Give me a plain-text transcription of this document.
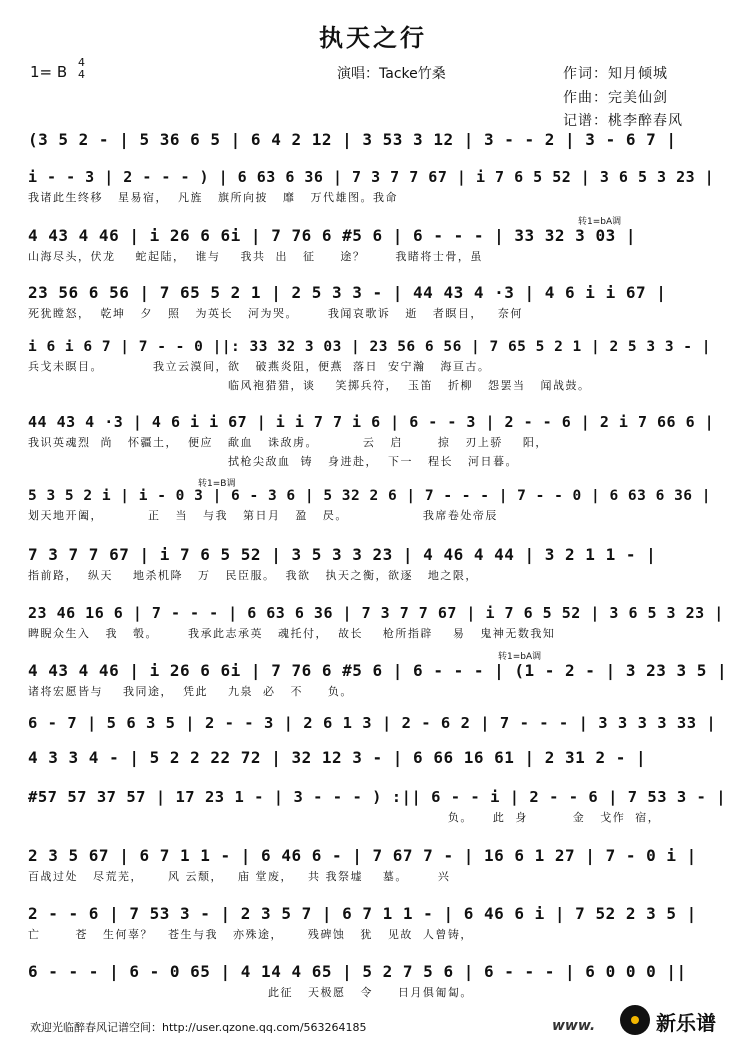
执天之行
1= B
4
4	演唱：Tacke竹桑	作词：知月倾城
作曲：完美仙剑
记谱：桃李醉春风
(3 5 2 - | 5 36 6 5 | 6 4 2 12 | 3 53 3 12 | 3 - - 2 | 3 - 6 7 |
i - - 3 | 2 - - - ) | 6 63 6 36 | 7 3 7 7 67 | i 7 6 5 52 | 3 6 5 3 23 |
我诸此生终移   星易宿，  凡旌   旗所向披   靡   万代雄图。我命
4 43 4 46 | i 26 6 6i | 7 76 6 #5 6 | 6 - - - | 33 32 3 03 |
山海尽头，伏龙    蛇起陆，  谁与    我共  出   征     途？      我睹将士骨，虽
转1=bA调
23 56 6 56 | 7 65 5 2 1 | 2 5 3 3 - | 44 43 4 ·3 | 4 6 i i 67 |
死犹瞠怒，  乾坤   夕   照   为英长   河为哭。      我闻哀歌诉   逝   者瞑目，   奈何
i 6 i 6 7 | 7 - - 0 ||: 33 32 3 03 | 23 56 6 56 | 7 65 5 2 1 | 2 5 3 3 - |
兵戈未瞑目。          我立云漠间，欲   破燕炎阻，便燕  落日  安宁瀚   海亘古。
临风袍猎猎，谈    笑掷兵符，  玉笛   折柳   怨罢当   闻战鼓。
44 43 4 ·3 | 4 6 i i 67 | i i 7 7 i 6 | 6 - - 3 | 2 - - 6 | 2 i 7 66 6 |
我识英魂烈  尚   怀疆土，  便应   歃血   诛敌虏。         云   启       掠   刃上骄    阳，
拭枪尖敌血  铸   身进赴，  下一   程长   河日暮。
5 3 5 2 i | i - 0 3 | 6 - 3 6 | 5 32 2 6 | 7 - - - | 7 - - 0 | 6 63 6 36 |
划天地开阖，         正   当   与我   第日月   盈   昃。               我席卷处帝辰
转1=B调
7 3 7 7 67 | i 7 6 5 52 | 3 5 3 3 23 | 4 46 4 44 | 3 2 1 1 - |
指前路，  纵天    地杀机降   万   民臣服。  我欲   执天之衡，欲逐   地之限，
23 46 16 6 | 7 - - - | 6 63 6 36 | 7 3 7 7 67 | i 7 6 5 52 | 3 6 5 3 23 |
睥睨众生入   我   彀。      我承此志承英   魂托付，  故长    枪所指辟    易   鬼神无数我知
4 43 4 46 | i 26 6 6i | 7 76 6 #5 6 | 6 - - - | (1 - 2 - | 3 23 3 5 |
诸将宏愿皆与    我同途，  凭此    九泉  必   不     负。
转1=bA调
6 - 7 | 5 6 3 5 | 2 - - 3 | 2 6 1 3 | 2 - 6 2 | 7 - - - | 3 3 3 3 33 |
4 3 3 4 - | 5 2 2 22 72 | 32 12 3 - | 6 66 16 61 | 2 31 2 - |
#57 57 37 57 | 17 23 1 - | 3 - - - ) :|| 6 - - i | 2 - - 6 | 7 53 3 - |
负。    此  身         金   戈作  宿，
2 3 5 67 | 6 7 1 1 - | 6 46 6 - | 7 67 7 - | 16 6 1 27 | 7 - 0 i |
百战过处   尽荒芜，     风 云颓，   庙 堂废，   共 我祭墟    墓。      兴
2 - - 6 | 7 53 3 - | 2 3 5 7 | 6 7 1 1 - | 6 46 6 i | 7 52 2 3 5 |
亡       苍   生何辜？   苍生与我   亦殊途，     残碑蚀   犹   见故  人曾铸，
6 - - - | 6 - 0 65 | 4 14 4 65 | 5 2 7 5 6 | 6 - - - | 6 0 0 0 ||
此征   天极愿   令     日月俱匍匐。
欢迎光临醉春风记谱空间：http://user.qzone.qq.com/563264185	www.	新乐谱
